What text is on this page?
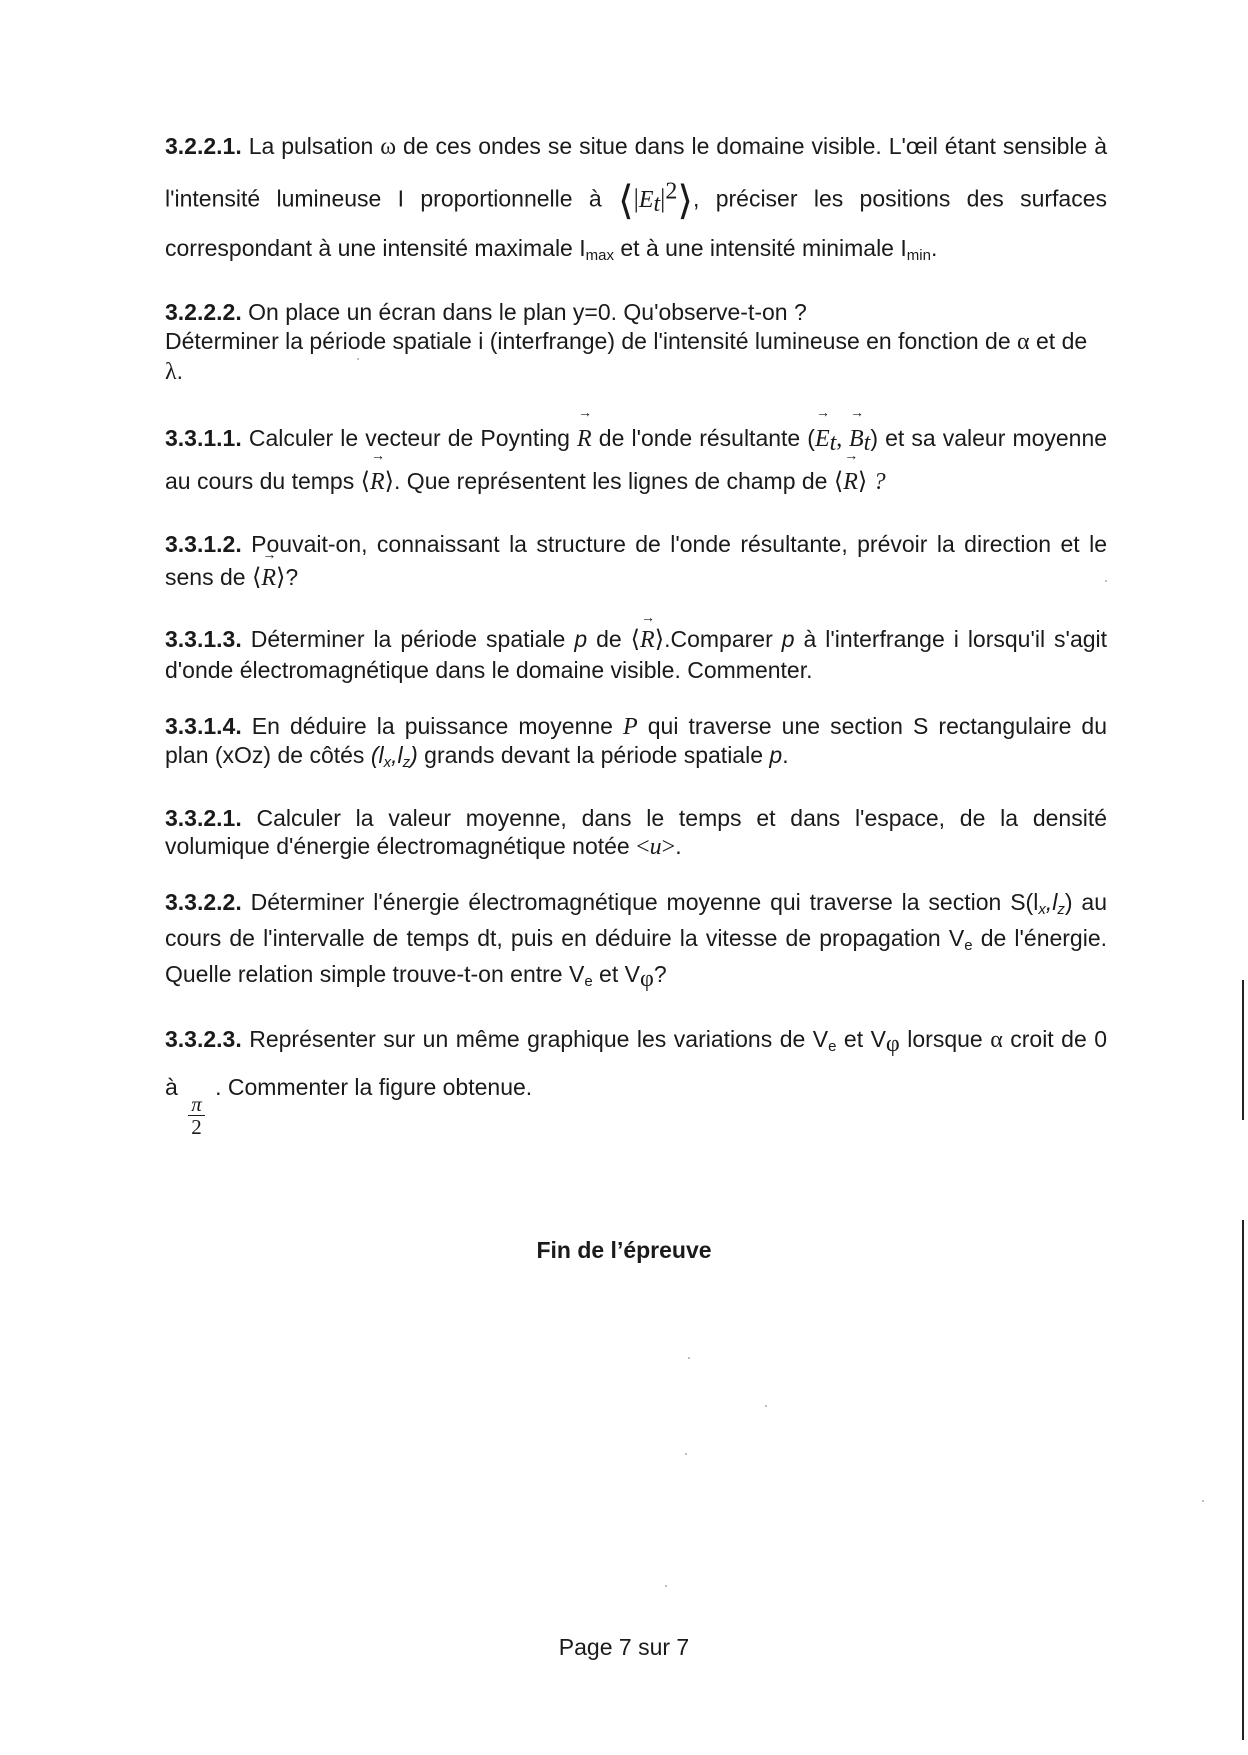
3.2.2.1. La pulsation ω de ces ondes se situe dans le domaine visible. L'œil étant sensible à l'intensité lumineuse I proportionnelle à $⟨|E_t|^2⟩$, préciser les positions des surfaces correspondant à une intensité maximale $I_{max}$ et à une intensité minimale $I_{min}$.

3.2.2.2. On place un écran dans le plan y=0. Qu'observe-t-on ?
Déterminer la période spatiale i (interfrange) de l'intensité lumineuse en fonction de α et de λ.

3.3.1.1. Calculer le vecteur de Poynting → R de l'onde résultante (→ $E_t$, → $B_t$) et sa valeur moyenne au cours du temps ⟨→ R⟩. Que représentent les lignes de champ de ⟨→ R⟩ ?

3.3.1.2. Pouvait-on, connaissant la structure de l'onde résultante, prévoir la direction et le sens de ⟨→ R⟩?

3.3.1.3. Déterminer la période spatiale p de ⟨→ R⟩.Comparer p à l'interfrange i lorsqu'il s'agit d'onde électromagnétique dans le domaine visible. Commenter.

3.3.1.4. En déduire la puissance moyenne P qui traverse une section S rectangulaire du plan (xOz) de côtés $(l_x,l_z)$ grands devant la période spatiale p.

3.3.2.1. Calculer la valeur moyenne, dans le temps et dans l'espace, de la densité volumique d'énergie électromagnétique notée <u>.

3.3.2.2. Déterminer l'énergie électromagnétique moyenne qui traverse la section $S(l_x,l_z)$ au cours de l'intervalle de temps dt, puis en déduire la vitesse de propagation $V_e$ de l'énergie. Quelle relation simple trouve-t-on entre $V_e$ et $V_\varphi$?

3.3.2.3. Représenter sur un même graphique les variations de $V_e$ et $V_\varphi$ lorsque α croit de 0 à
$\frac{\pi}{2}$
. Commenter la figure obtenue.

Fin de l’épreuve
Page 7 sur 7
